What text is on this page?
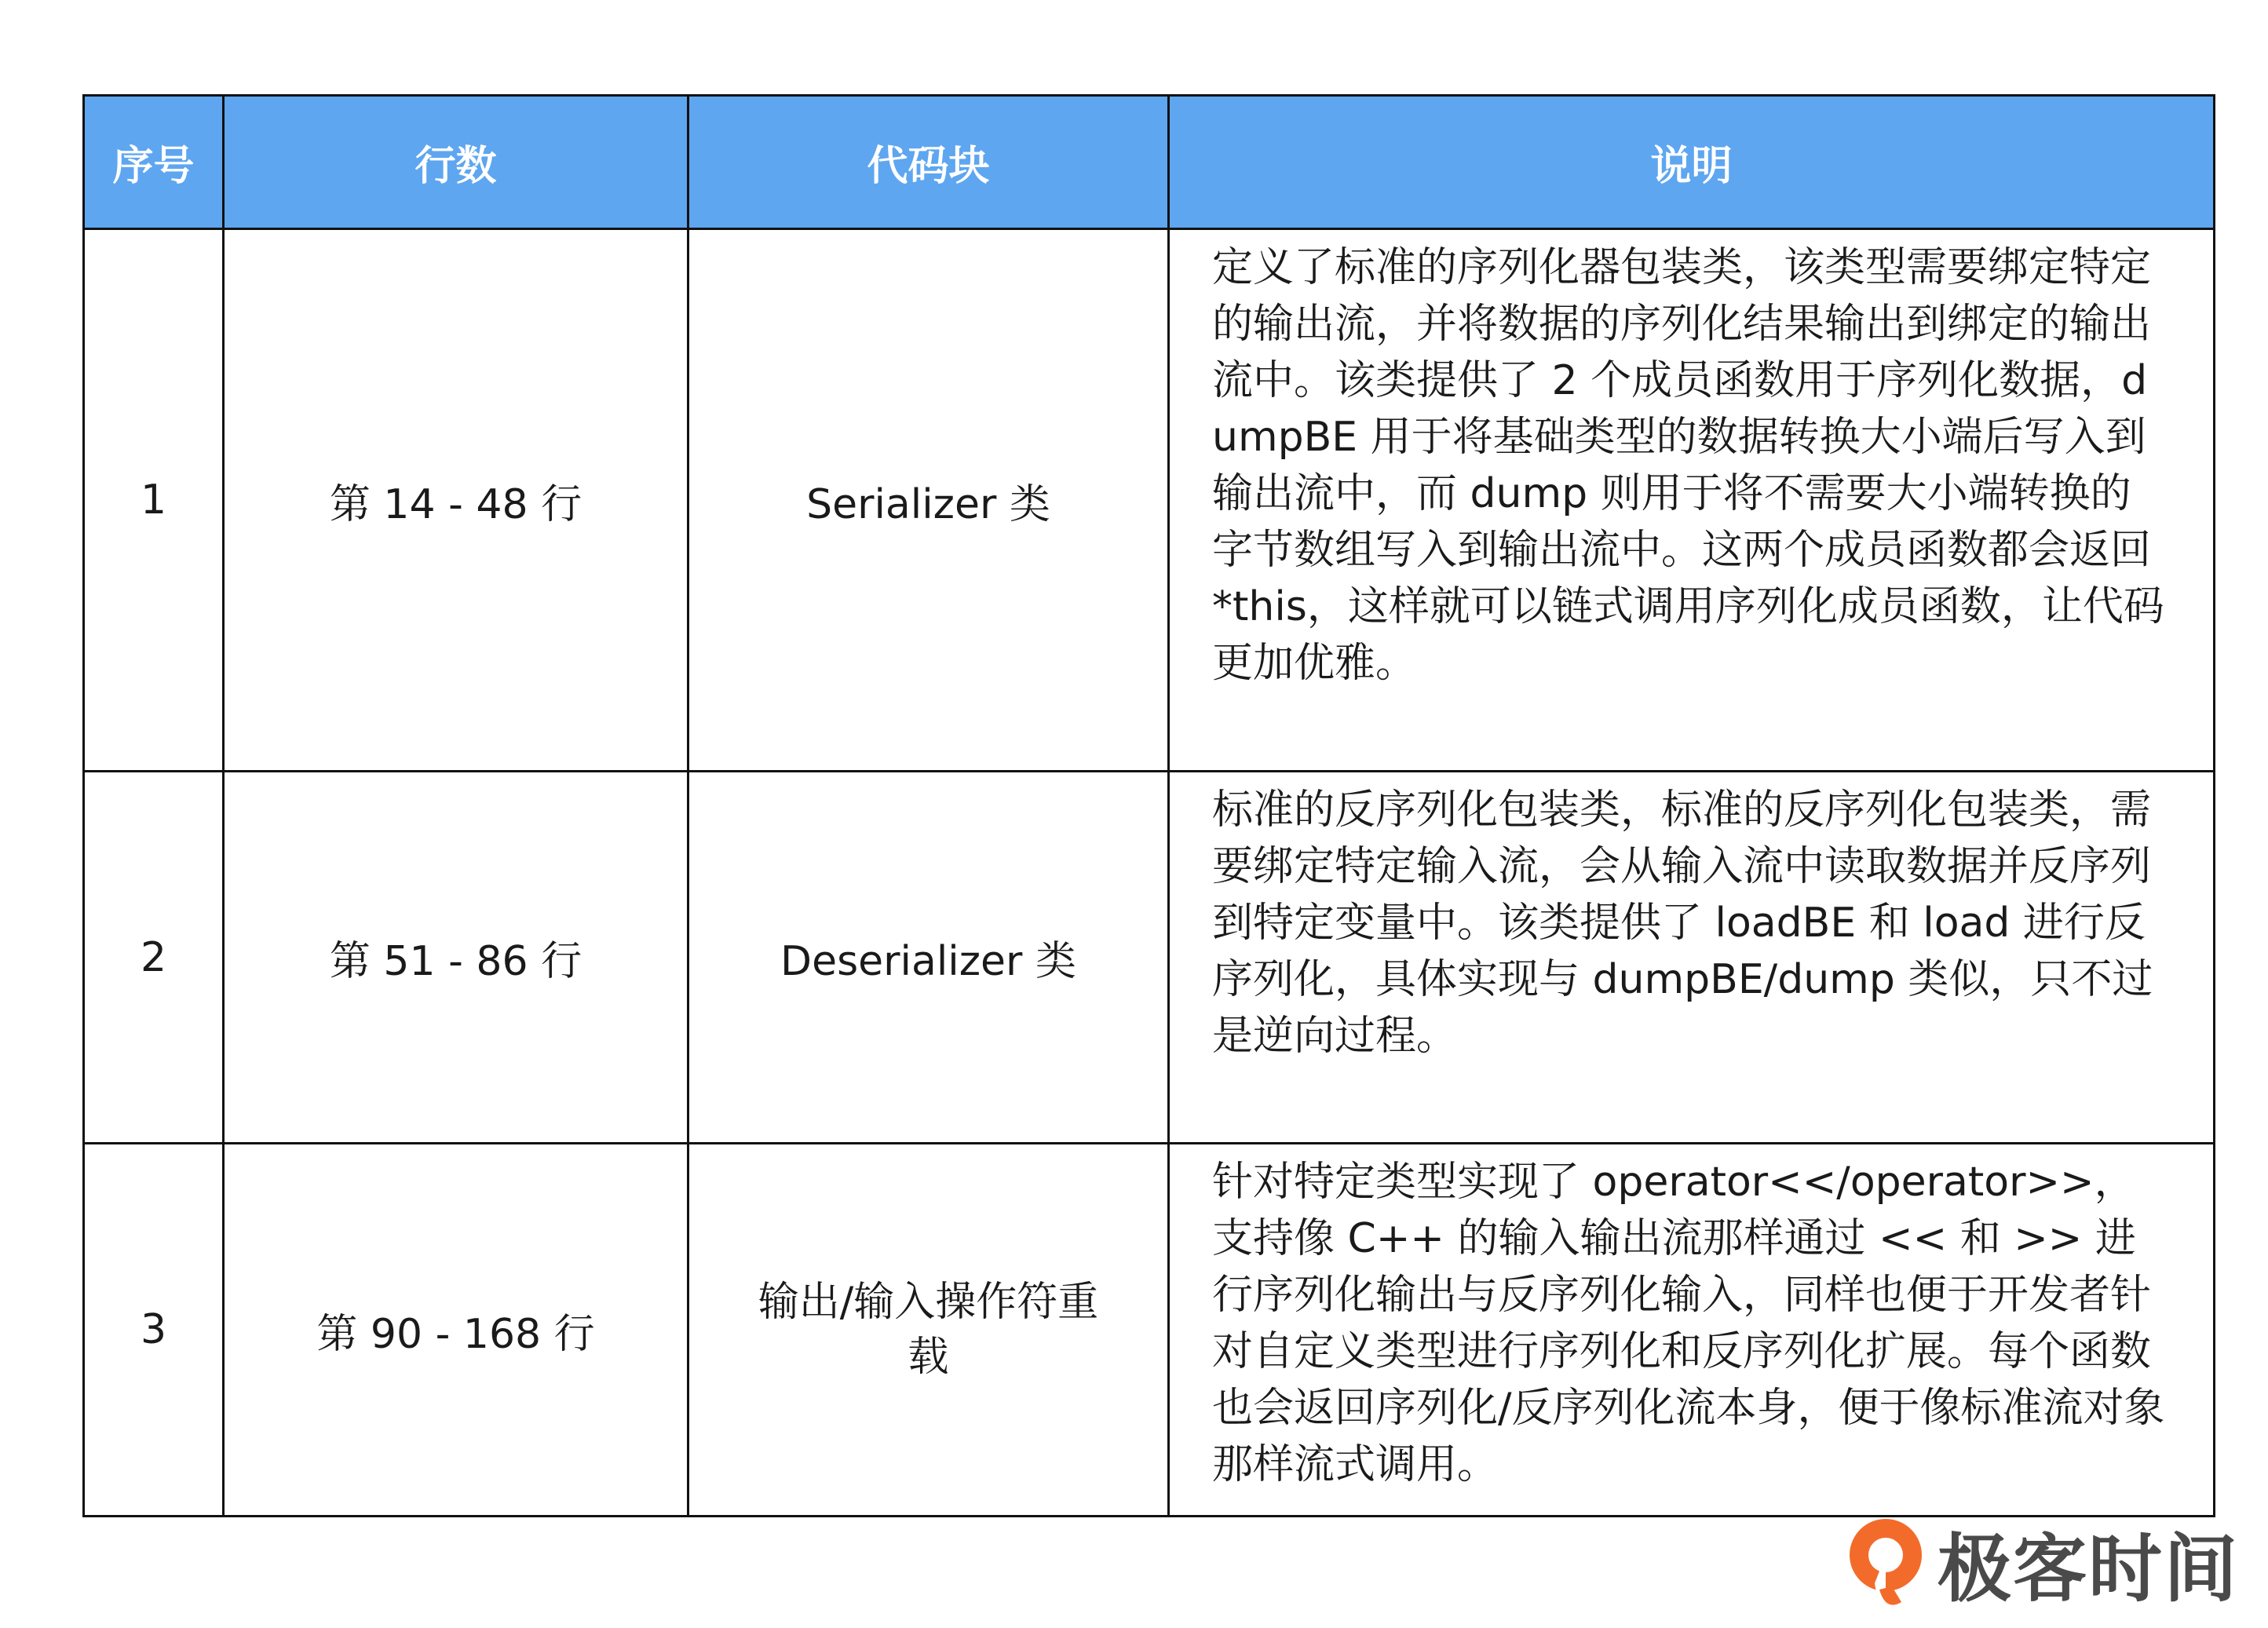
序号	行数	代码块	说明
1	第 14 - 48 行	Serializer 类	定义了标准的序列化器包装类，该类型需要绑定特定的输出流，并将数据的序列化结果输出到绑定的输出流中。该类提供了 2 个成员函数用于序列化数据，dumpBE 用于将基础类型的数据转换大小端后写入到输出流中，而 dump 则用于将不需要大小端转换的字节数组写入到输出流中。这两个成员函数都会返回 *this，这样就可以链式调用序列化成员函数，让代码更加优雅。
2	第 51 - 86 行	Deserializer 类	标准的反序列化包装类，标准的反序列化包装类，需要绑定特定输入流，会从输入流中读取数据并反序列到特定变量中。该类提供了 loadBE 和 load 进行反序列化，具体实现与 dumpBE/dump 类似，只不过是逆向过程。
3	第 90 - 168 行	输出/输入操作符重载	针对特定类型实现了 operator<</operator>>，支持像 C++ 的输入输出流那样通过 << 和 >> 进行序列化输出与反序列化输入，同样也便于开发者针对自定义类型进行序列化和反序列化扩展。每个函数也会返回序列化/反序列化流本身，便于像标准流对象那样流式调用。
极客时间
